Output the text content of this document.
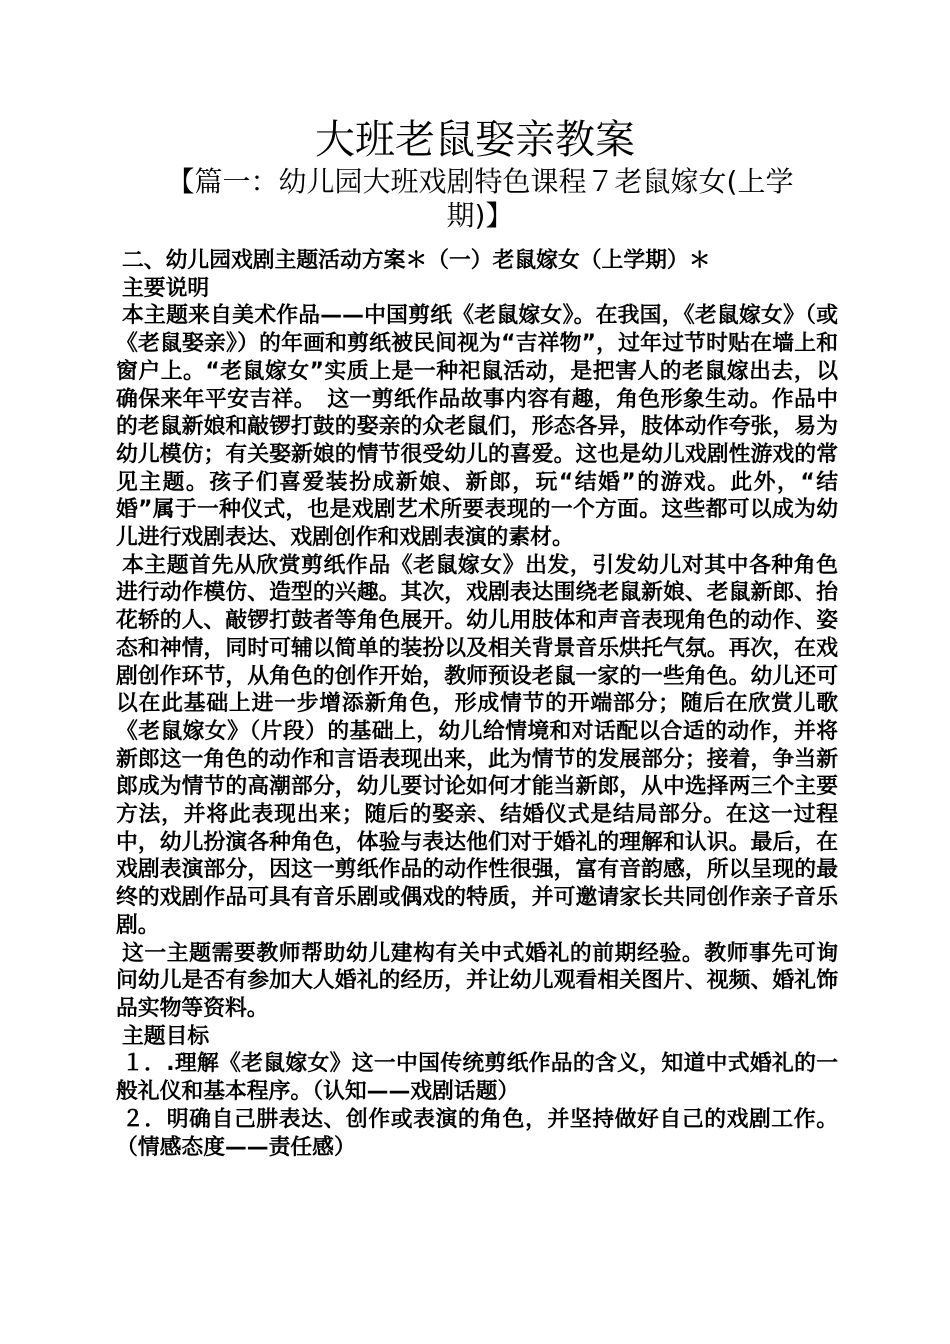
大班老鼠娶亲教案
【篇一：幼儿园大班戏剧特色课程７老鼠嫁女(上学期)】

二、幼儿园戏剧主题活动方案＊（一）老鼠嫁女（上学期）＊

主要说明

本主题来自美术作品——中国剪纸《老鼠嫁女》。在我国，《老鼠嫁女》（或《老鼠娶亲》）的年画和剪纸被民间视为“吉祥物”，过年过节时贴在墙上和窗户上。“老鼠嫁女”实质上是一种祀鼠活动，是把害人的老鼠嫁出去，以确保来年平安吉祥。　这一剪纸作品故事内容有趣，角色形象生动。作品中的老鼠新娘和敲锣打鼓的娶亲的众老鼠们，形态各异，肢体动作夸张，易为幼儿模仿；有关娶新娘的情节很受幼儿的喜爱。这也是幼儿戏剧性游戏的常见主题。孩子们喜爱装扮成新娘、新郎，玩“结婚”的游戏。此外，“结婚”属于一种仪式，也是戏剧艺术所要表现的一个方面。这些都可以成为幼儿进行戏剧表达、戏剧创作和戏剧表演的素材。

本主题首先从欣赏剪纸作品《老鼠嫁女》出发，引发幼儿对其中各种角色进行动作模仿、造型的兴趣。其次，戏剧表达围绕老鼠新娘、老鼠新郎、抬花轿的人、敲锣打鼓者等角色展开。幼儿用肢体和声音表现角色的动作、姿态和神情，同时可辅以简单的装扮以及相关背景音乐烘托气氛。再次，在戏剧创作环节，从角色的创作开始，教师预设老鼠一家的一些角色。幼儿还可以在此基础上进一步增添新角色，形成情节的开端部分；随后在欣赏儿歌《老鼠嫁女》（片段）的基础上，幼儿给情境和对话配以合适的动作，并将新郎这一角色的动作和言语表现出来，此为情节的发展部分；接着，争当新郎成为情节的高潮部分，幼儿要讨论如何才能当新郎，从中选择两三个主要方法，并将此表现出来；随后的娶亲、结婚仪式是结局部分。在这一过程中，幼儿扮演各种角色，体验与表达他们对于婚礼的理解和认识。最后，在戏剧表演部分，因这一剪纸作品的动作性很强，富有音韵感，所以呈现的最终的戏剧作品可具有音乐剧或偶戏的特质，并可邀请家长共同创作亲子音乐剧。

这一主题需要教师帮助幼儿建构有关中式婚礼的前期经验。教师事先可询问幼儿是否有参加大人婚礼的经历，并让幼儿观看相关图片、视频、婚礼饰品实物等资料。

主题目标

１．.理解《老鼠嫁女》这一中国传统剪纸作品的含义，知道中式婚礼的一般礼仪和基本程序。（认知——戏剧话题）

２．明确自己肼表达、创作或表演的角色，并坚持做好自己的戏剧工作。（情感态度——责任感）
